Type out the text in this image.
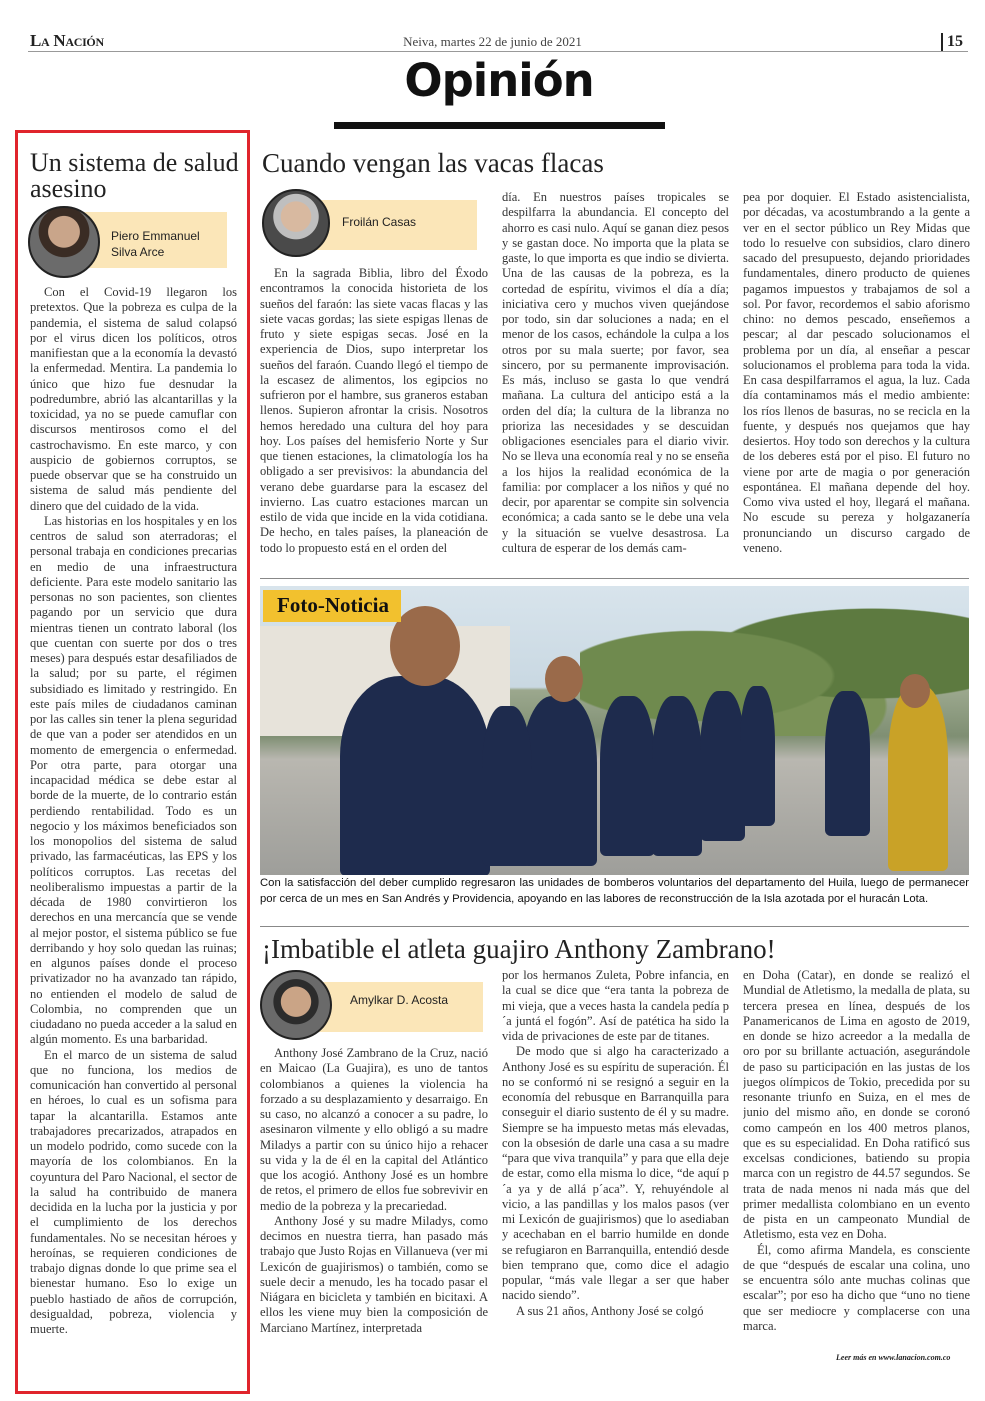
La Nación	Neiva, martes 22 de junio de 2021	15
Opinión
Un sistema de salud asesino
Piero Emmanuel Silva Arce

Con el Covid-19 llegaron los pretextos. Que la pobreza es culpa de la pandemia, el sistema de salud colapsó por el virus dicen los políticos, otros manifiestan que a la economía la devastó la enfermedad. Mentira. La pandemia lo único que hizo fue desnudar la podredumbre, abrió las alcantarillas y la toxicidad, ya no se puede camuflar con discursos mentirosos como el del castrochavismo. En este marco, y con auspicio de gobiernos corruptos, se puede observar que se ha construido un sistema de salud más pendiente del dinero que del cuidado de la vida.

Las historias en los hospitales y en los centros de salud son aterradoras; el personal trabaja en condiciones precarias en medio de una infraestructura deficiente. Para este modelo sanitario las personas no son pacientes, son clientes pagando por un servicio que dura mientras tienen un contrato laboral (los que cuentan con suerte por dos o tres meses) para después estar desafiliados de la salud; por su parte, el régimen subsidiado es limitado y restringido. En este país miles de ciudadanos caminan por las calles sin tener la plena seguridad de que van a poder ser atendidos en un momento de emergencia o enfermedad. Por otra parte, para otorgar una incapacidad médica se debe estar al borde de la muerte, de lo contrario están perdiendo rentabilidad. Todo es un negocio y los máximos beneficiados son los monopolios del sistema de salud privado, las farmacéuticas, las EPS y los políticos corruptos. Las recetas del neoliberalismo impuestas a partir de la década de 1980 convirtieron los derechos en una mercancía que se vende al mejor postor, el sistema público se fue derribando y hoy solo quedan las ruinas; en algunos países donde el proceso privatizador no ha avanzado tan rápido, no entienden el modelo de salud de Colombia, no comprenden que un ciudadano no pueda acceder a la salud en algún momento. Es una barbaridad.

En el marco de un sistema de salud que no funciona, los medios de comunicación han convertido al personal en héroes, lo cual es un sofisma para tapar la alcantarilla. Estamos ante trabajadores precarizados, atrapados en un modelo podrido, como sucede con la mayoría de los colombianos. En la coyuntura del Paro Nacional, el sector de la salud ha contribuido de manera decidida en la lucha por la justicia y por el cumplimiento de los derechos fundamentales. No se necesitan héroes y heroínas, se requieren condiciones de trabajo dignas donde lo que prime sea el bienestar humano. Eso lo exige un pueblo hastiado de años de corrupción, desigualdad, pobreza, violencia y muerte.

Cuando vengan las vacas flacas
Froilán Casas

En la sagrada Biblia, libro del Éxodo encontramos la conocida historieta de los sueños del faraón: las siete vacas flacas y las siete vacas gordas; las siete espigas llenas de fruto y siete espigas secas. José en la experiencia de Dios, supo interpretar los sueños del faraón. Cuando llegó el tiempo de la escasez de alimentos, los egipcios no sufrieron por el hambre, sus graneros estaban llenos. Supieron afrontar la crisis. Nosotros hemos heredado una cultura del hoy para hoy. Los países del hemisferio Norte y Sur que tienen estaciones, la climatología los ha obligado a ser previsivos: la abundancia del verano debe guardarse para la escasez del invierno. Las cuatro estaciones marcan un estilo de vida que incide en la vida cotidiana. De hecho, en tales países, la planeación de todo lo propuesto está en el orden del

día. En nuestros países tropicales se despilfarra la abundancia. El concepto del ahorro es casi nulo. Aquí se ganan diez pesos y se gastan doce. No importa que la plata se gaste, lo que importa es que indio se divierta. Una de las causas de la pobreza, es la cortedad de espíritu, vivimos el día a día; iniciativa cero y muchos viven quejándose por todo, sin dar soluciones a nada; en el menor de los casos, echándole la culpa a los otros por su mala suerte; por favor, sea sincero, por su permanente improvisación. Es más, incluso se gasta lo que vendrá mañana. La cultura del anticipo está a la orden del día; la cultura de la libranza no prioriza las necesidades y se descuidan obligaciones esenciales para el diario vivir. No se lleva una economía real y no se enseña a los hijos la realidad económica de la familia: por complacer a los niños y qué no decir, por aparentar se compite sin solvencia económica; a cada santo se le debe una vela y la situación se vuelve desastrosa. La cultura de esperar de los demás cam-

pea por doquier. El Estado asistencialista, por décadas, va acostumbrando a la gente a ver en el sector público un Rey Midas que todo lo resuelve con subsidios, claro dinero sacado del presupuesto, dejando prioridades fundamentales, dinero producto de quienes pagamos impuestos y trabajamos de sol a sol. Por favor, recordemos el sabio aforismo chino: no demos pescado, enseñemos a pescar; al dar pescado solucionamos el problema por un día, al enseñar a pescar solucionamos el problema para toda la vida. En casa despilfarramos el agua, la luz. Cada día contaminamos más el medio ambiente: los ríos llenos de basuras, no se recicla en la fuente, y después nos quejamos que hay desiertos. Hoy todo son derechos y la cultura de los deberes está por el piso. El futuro no viene por arte de magia o por generación espontánea. El mañana depende del hoy. Como viva usted el hoy, llegará el mañana. No escude su pereza y holgazanería pronunciando un discurso cargado de veneno.

Foto-Noticia
Con la satisfacción del deber cumplido regresaron las unidades de bomberos voluntarios del departamento del Huila, luego de permanecer por cerca de un mes en San Andrés y Providencia, apoyando en las labores de reconstrucción de la Isla azotada por el huracán Lota.
¡Imbatible el atleta guajiro Anthony Zambrano!
Amylkar D. Acosta

Anthony José Zambrano de la Cruz, nació en Maicao (La Guajira), es uno de tantos colombianos a quienes la violencia ha forzado a su desplazamiento y desarraigo. En su caso, no alcanzó a conocer a su padre, lo asesinaron vilmente y ello obligó a su madre Miladys a partir con su único hijo a rehacer su vida y la de él en la capital del Atlántico que los acogió. Anthony José es un hombre de retos, el primero de ellos fue sobrevivir en medio de la pobreza y la precariedad.

Anthony José y su madre Miladys, como decimos en nuestra tierra, han pasado más trabajo que Justo Rojas en Villanueva (ver mi Lexicón de guajirismos) o también, como se suele decir a menudo, les ha tocado pasar el Niágara en bicicleta y también en bicitaxi. A ellos les viene muy bien la composición de Marciano Martínez, interpretada

por los hermanos Zuleta, Pobre infancia, en la cual se dice que “era tanta la pobreza de mi vieja, que a veces hasta la candela pedía p´a juntá el fogón”. Así de patética ha sido la vida de privaciones de este par de titanes.

De modo que si algo ha caracterizado a Anthony José es su espíritu de superación. Él no se conformó ni se resignó a seguir en la economía del rebusque en Barranquilla para conseguir el diario sustento de él y su madre. Siempre se ha impuesto metas más elevadas, con la obsesión de darle una casa a su madre “para que viva tranquila” y para que ella deje de estar, como ella misma lo dice, “de aquí p´a ya y de allá p´aca”. Y, rehuyéndole al vicio, a las pandillas y los malos pasos (ver mi Lexicón de guajirismos) que lo asediaban y acechaban en el barrio humilde en donde se refugiaron en Barranquilla, entendió desde bien temprano que, como dice el adagio popular, “más vale llegar a ser que haber nacido siendo”.

A sus 21 años, Anthony José se colgó

en Doha (Catar), en donde se realizó el Mundial de Atletismo, la medalla de plata, su tercera presea en línea, después de los Panamericanos de Lima en agosto de 2019, en donde se hizo acreedor a la medalla de oro por su brillante actuación, asegurándole de paso su participación en las justas de los juegos olímpicos de Tokio, precedida por su resonante triunfo en Suiza, en el mes de junio del mismo año, en donde se coronó como campeón en los 400 metros planos, que es su especialidad. En Doha ratificó sus excelsas condiciones, batiendo su propia marca con un registro de 44.57 segundos. Se trata de nada menos ni nada más que del primer medallista colombiano en un evento de pista en un campeonato Mundial de Atletismo, esta vez en Doha.

Él, como afirma Mandela, es consciente de que “después de escalar una colina, uno se encuentra sólo ante muchas colinas que escalar”; por eso ha dicho que “uno no tiene que ser mediocre y complacerse con una marca.

Leer más en www.lanacion.com.co
